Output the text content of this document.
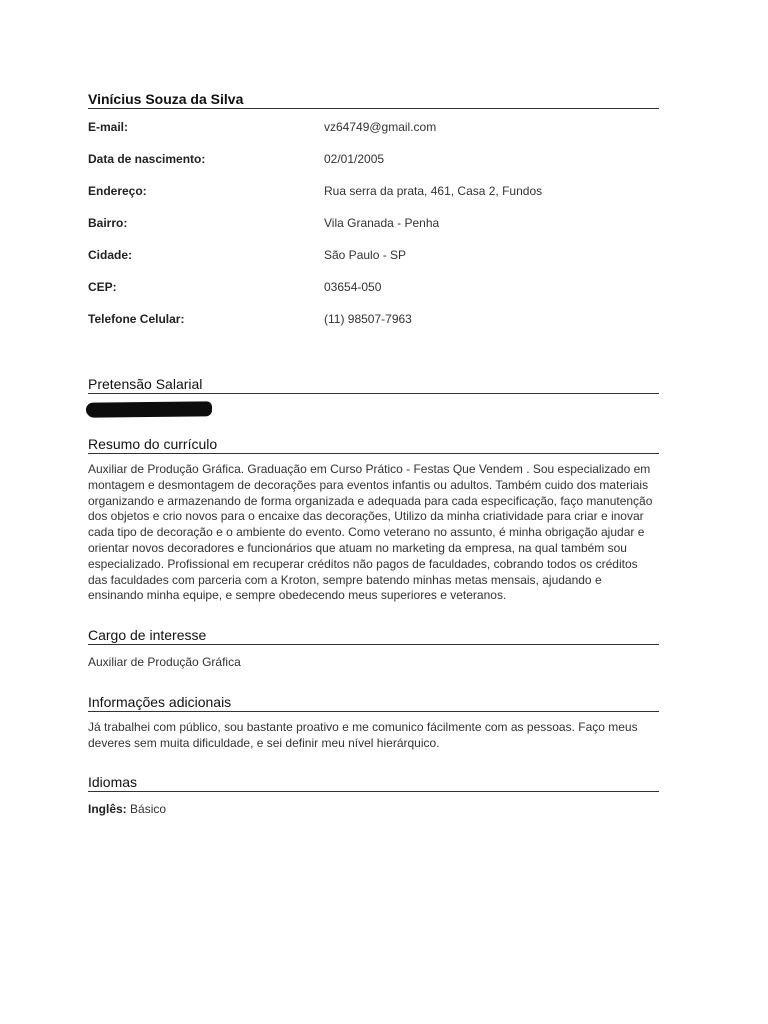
Vinícius Souza da Silva
E-mail:	vz64749@gmail.com
Data de nascimento:	02/01/2005
Endereço:	Rua serra da prata, 461, Casa 2, Fundos
Bairro:	Vila Granada - Penha
Cidade:	São Paulo - SP
CEP:	03654-050
Telefone Celular:	(11) 98507-7963
Pretensão Salarial
Resumo do currículo

Auxiliar de Produção Gráfica. Graduação em Curso Prático - Festas Que Vendem . Sou especializado em montagem e desmontagem de decorações para eventos infantis ou adultos. Também cuido dos materiais organizando e armazenando de forma organizada e adequada para cada especificação, faço manutenção dos objetos e crio novos para o encaixe das decorações, Utilizo da minha criatividade para criar e inovar cada tipo de decoração e o ambiente do evento. Como veterano no assunto, é minha obrigação ajudar e orientar novos decoradores e funcionários que atuam no marketing da empresa, na qual também sou especializado. Profissional em recuperar créditos não pagos de faculdades, cobrando todos os créditos das faculdades com parceria com a Kroton, sempre batendo minhas metas mensais, ajudando e ensinando minha equipe, e sempre obedecendo meus superiores e veteranos.

Cargo de interesse

Auxiliar de Produção Gráfica

Informações adicionais

Já trabalhei com público, sou bastante proativo e me comunico fácilmente com as pessoas. Faço meus deveres sem muita dificuldade, e sei definir meu nível hierárquico.

Idiomas
Inglês: Básico
